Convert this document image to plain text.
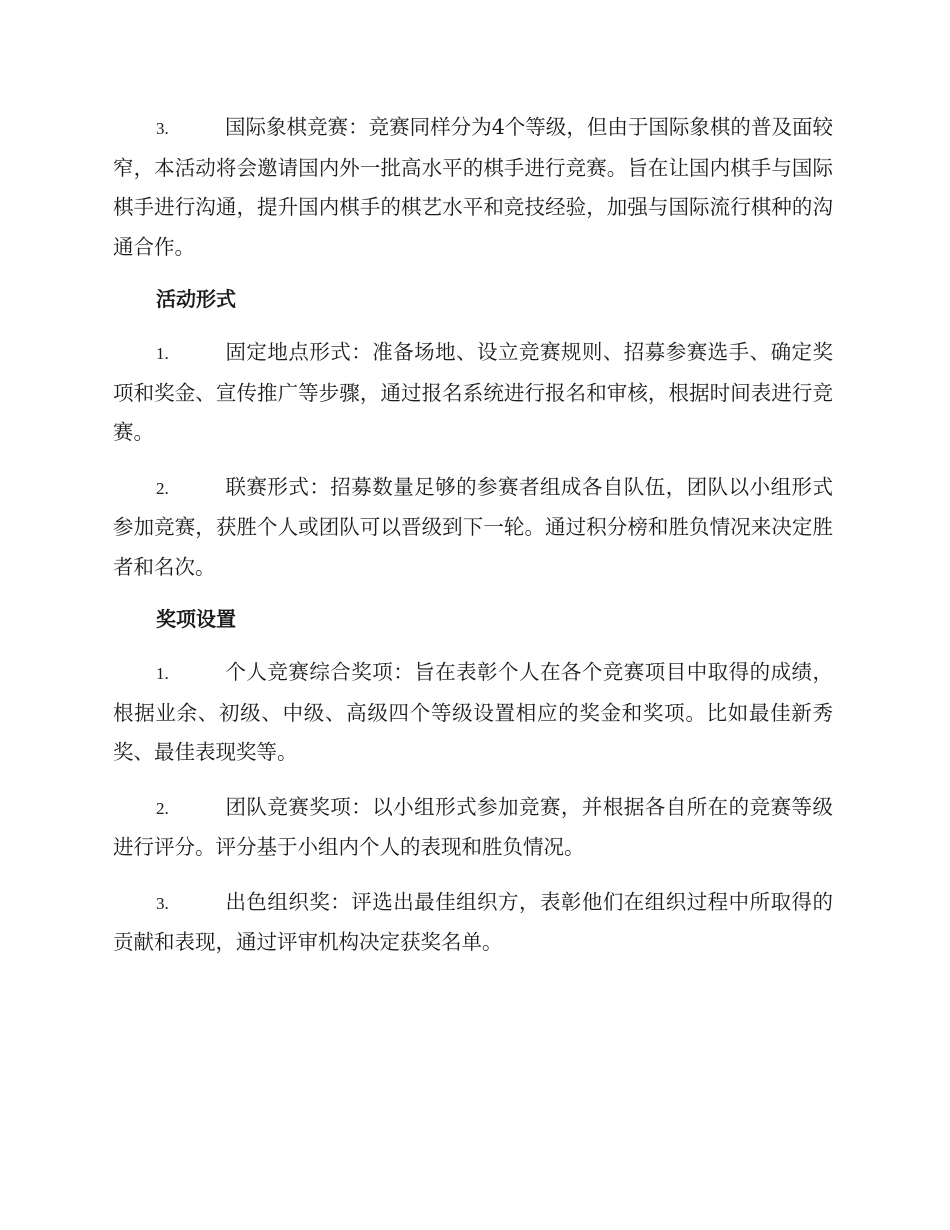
3.	国际象棋竞赛：竞赛同样分为4个等级，但由于国际象棋的普及面较窄，本活动将会邀请国内外一批高水平的棋手进行竞赛。旨在让国内棋手与国际棋手进行沟通，提升国内棋手的棋艺水平和竞技经验，加强与国际流行棋种的沟通合作。

活动形式

1.	固定地点形式：准备场地、设立竞赛规则、招募参赛选手、确定奖项和奖金、宣传推广等步骤，通过报名系统进行报名和审核，根据时间表进行竞赛。

2.	联赛形式：招募数量足够的参赛者组成各自队伍，团队以小组形式参加竞赛，获胜个人或团队可以晋级到下一轮。通过积分榜和胜负情况来决定胜者和名次。

奖项设置

1.	个人竞赛综合奖项：旨在表彰个人在各个竞赛项目中取得的成绩，根据业余、初级、中级、高级四个等级设置相应的奖金和奖项。比如最佳新秀奖、最佳表现奖等。

2.	团队竞赛奖项：以小组形式参加竞赛，并根据各自所在的竞赛等级进行评分。评分基于小组内个人的表现和胜负情况。

3.	出色组织奖：评选出最佳组织方，表彰他们在组织过程中所取得的贡献和表现，通过评审机构决定获奖名单。
